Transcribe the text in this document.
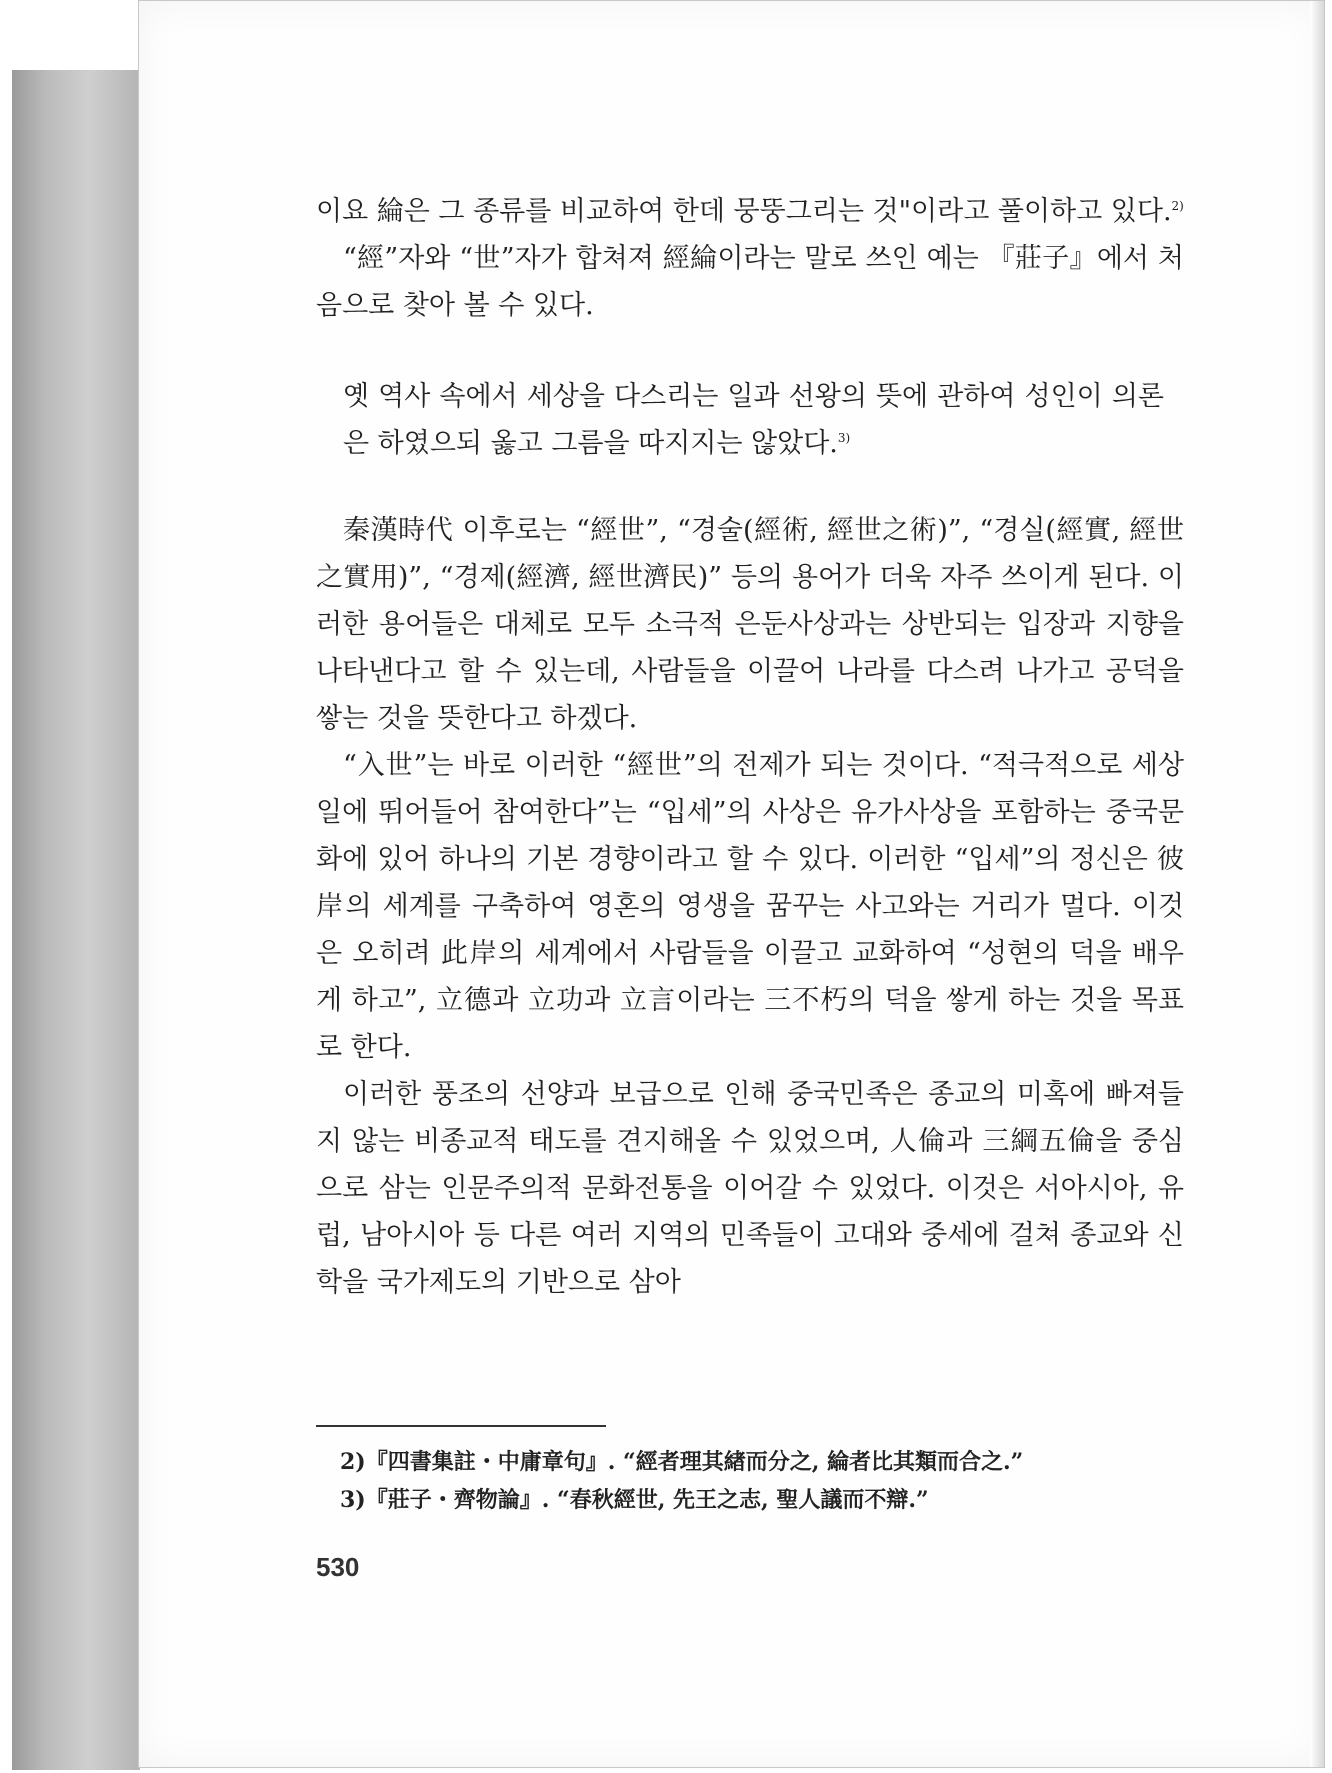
이요 綸은 그 종류를 비교하여 한데 뭉뚱그리는 것"이라고 풀이하고 있다.$^{2)}$

“經”자와 “世”자가 합쳐져 經綸이라는 말로 쓰인 예는 『莊子』에서 처음으로 찾아 볼 수 있다.

옛 역사 속에서 세상을 다스리는 일과 선왕의 뜻에 관하여 성인이 의론은 하였으되 옳고 그름을 따지지는 않았다.$^{3)}$

秦漢時代 이후로는 “經世”, “경술(經術, 經世之術)”, “경실(經實, 經世之實用)”, “경제(經濟, 經世濟民)” 등의 용어가 더욱 자주 쓰이게 된다. 이러한 용어들은 대체로 모두 소극적 은둔사상과는 상반되는 입장과 지향을 나타낸다고 할 수 있는데, 사람들을 이끌어 나라를 다스려 나가고 공덕을 쌓는 것을 뜻한다고 하겠다.

“入世”는 바로 이러한 “經世”의 전제가 되는 것이다. “적극적으로 세상일에 뛰어들어 참여한다”는 “입세”의 사상은 유가사상을 포함하는 중국문화에 있어 하나의 기본 경향이라고 할 수 있다. 이러한 “입세”의 정신은 彼岸의 세계를 구축하여 영혼의 영생을 꿈꾸는 사고와는 거리가 멀다. 이것은 오히려 此岸의 세계에서 사람들을 이끌고 교화하여 “성현의 덕을 배우게 하고”, 立德과 立功과 立言이라는 三不朽의 덕을 쌓게 하는 것을 목표로 한다.

이러한 풍조의 선양과 보급으로 인해 중국민족은 종교의 미혹에 빠져들지 않는 비종교적 태도를 견지해올 수 있었으며, 人倫과 三綱五倫을 중심으로 삼는 인문주의적 문화전통을 이어갈 수 있었다. 이것은 서아시아, 유럽, 남아시아 등 다른 여러 지역의 민족들이 고대와 중세에 걸쳐 종교와 신학을 국가제도의 기반으로 삼아

2)『四書集註・中庸章句』. “經者理其緖而分之, 綸者比其類而合之.”
3)『莊子・齊物論』. “春秋經世, 先王之志, 聖人議而不辯.”
530
